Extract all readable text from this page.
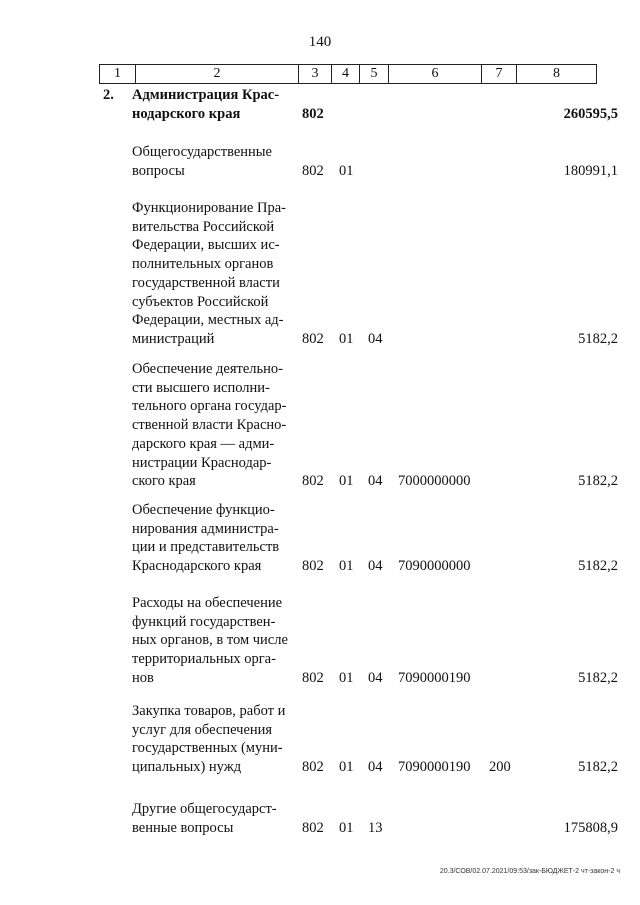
140
1	2	3	4	5	6	7	8
2. Администрация Крас-
нодарского края	802	260595,5
Общегосударственные
вопросы	802 01	180991,1
Функционирование Пра-
вительства Российской
Федерации, высших ис-
полнительных органов
государственной власти
субъектов Российской
Федерации, местных ад-
министраций	802 01 04	5182,2
Обеспечение деятельно-
сти высшего исполни-
тельного органа государ-
ственной власти Красно-
дарского края — адми-
нистрации Краснодар-
ского края	802 01 04 7000000000	5182,2
Обеспечение функцио-
нирования администра-
ции и представительств
Краснодарского края	802 01 04 7090000000	5182,2
Расходы на обеспечение
функций государствен-
ных органов, в том числе
территориальных орга-
нов	802 01 04 7090000190	5182,2
Закупка товаров, работ и
услуг для обеспечения
государственных (муни-
ципальных) нужд	802 01 04 7090000190 200	5182,2
Другие общегосударст-
венные вопросы	802 01 13	175808,9
20.3/СОВ/02.07.2021/09:53/зак-БЮДЖЕТ-2 чт-закон-2 ч
